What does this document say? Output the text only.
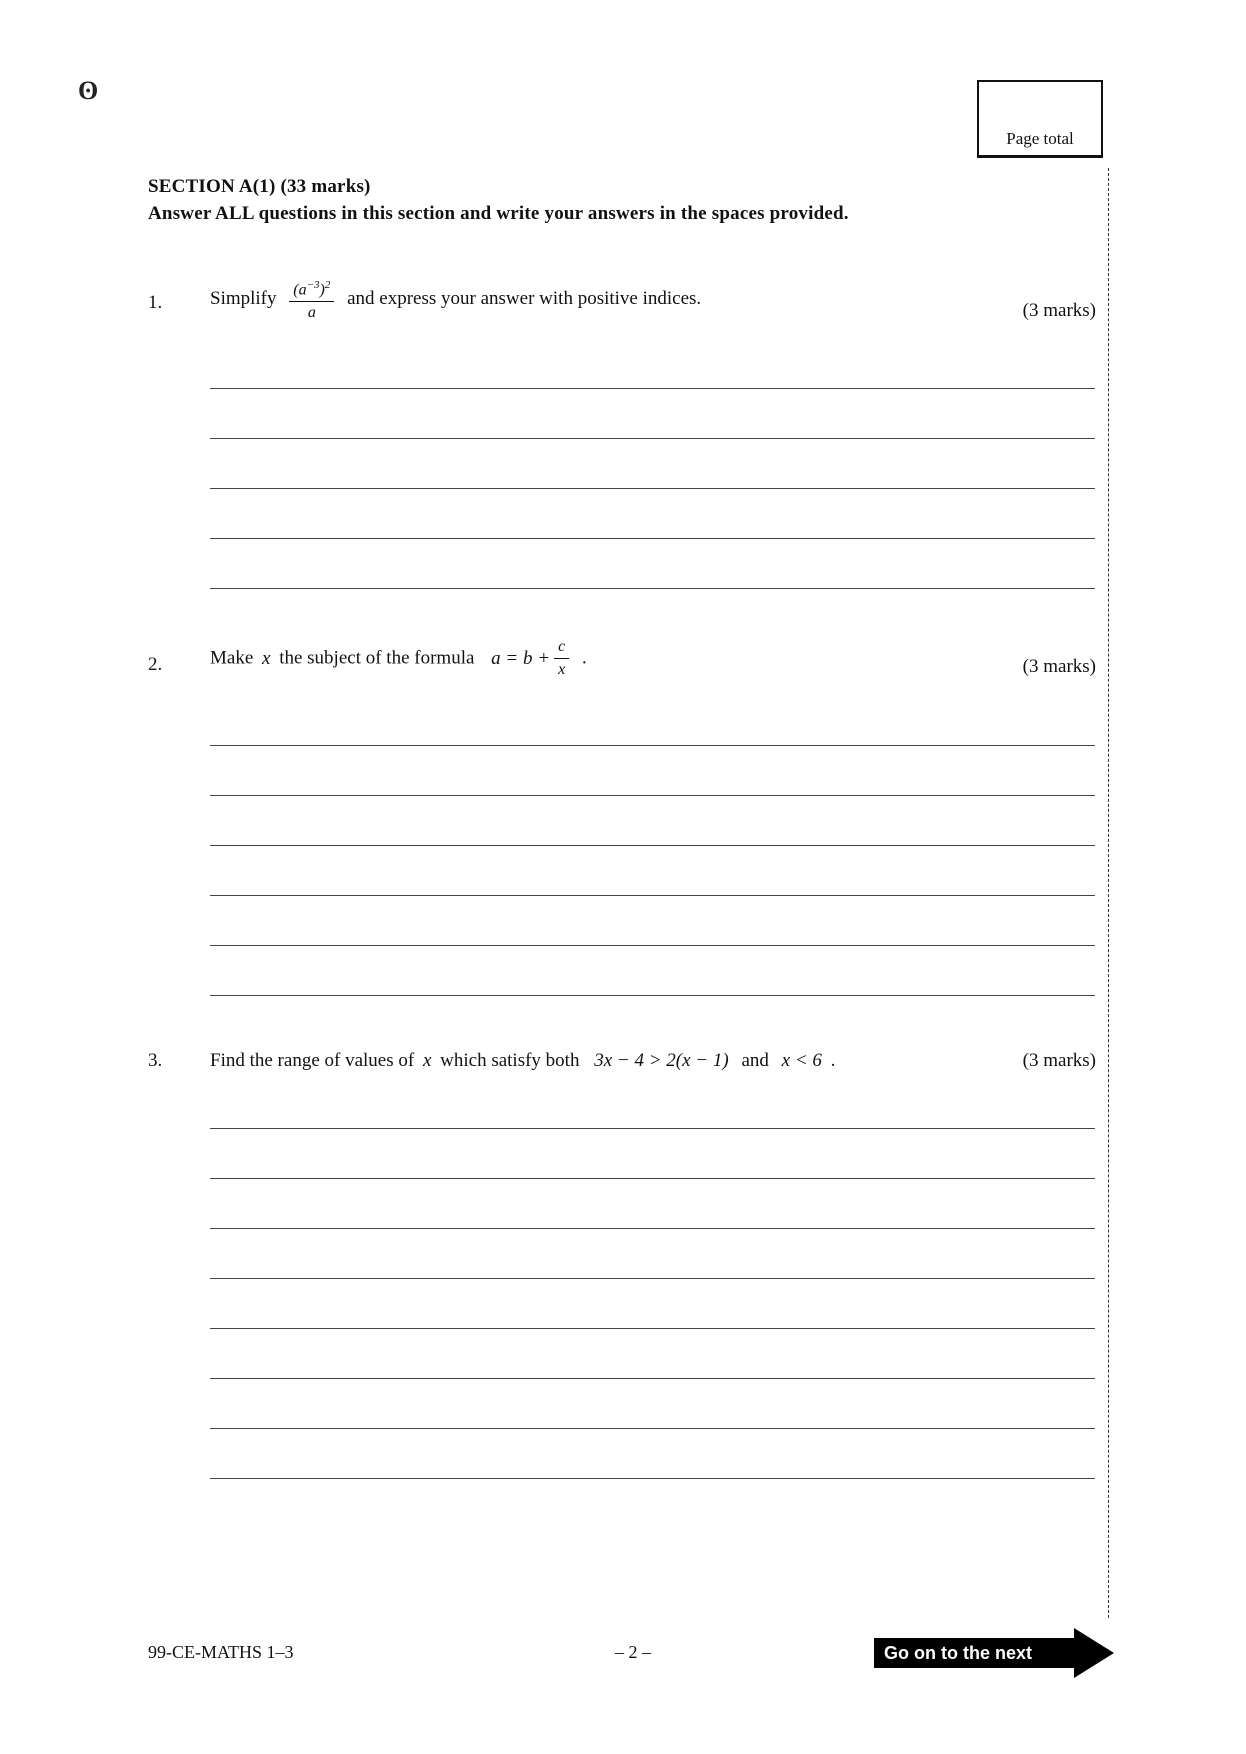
ʘ
Page total
SECTION A(1) (33 marks)
Answer ALL questions in this section and write your answers in the spaces provided.
1.	Simplify $\frac{(a^{-3})^2}{a}$ and express your answer with positive indices.
(3 marks)
2.	Make x the subject of the formula $a = b + \frac{c}{x}$ .	(3 marks)
3.	Find the range of values of x which satisfy both 3x − 4 > 2(x − 1) and x < 6 .	(3 marks)
99-CE-MATHS 1–3	– 2 –	Go on to the next page
